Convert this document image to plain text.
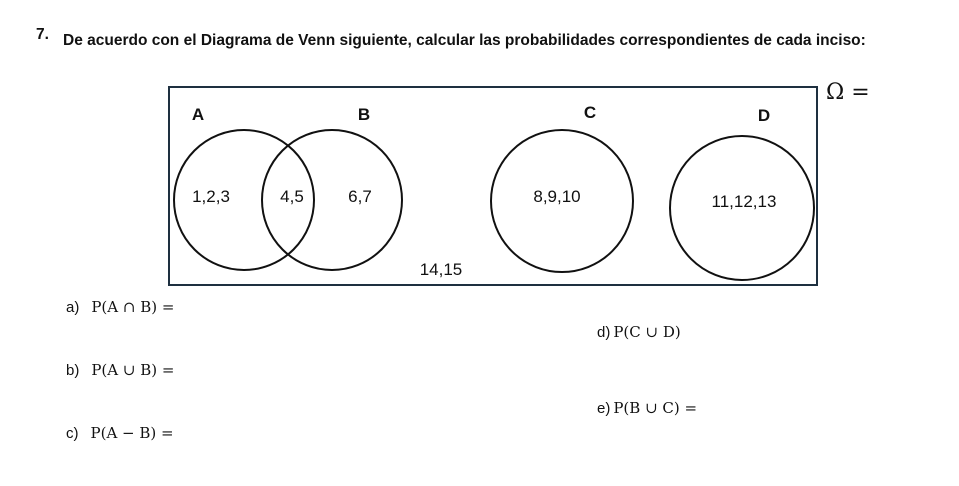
7. De acuerdo con el Diagrama de Venn siguiente, calcular las probabilidades correspondientes de cada inciso:
A	B	C	D
1,2,3	4,5	6,7	8,9,10	11,12,13
14,15
Ω =
a) P(A ∩ B) =
b) P(A ∪ B) =
c) P(A − B) =
d) P(C ∪ D)
e) P(B ∪ C) =
